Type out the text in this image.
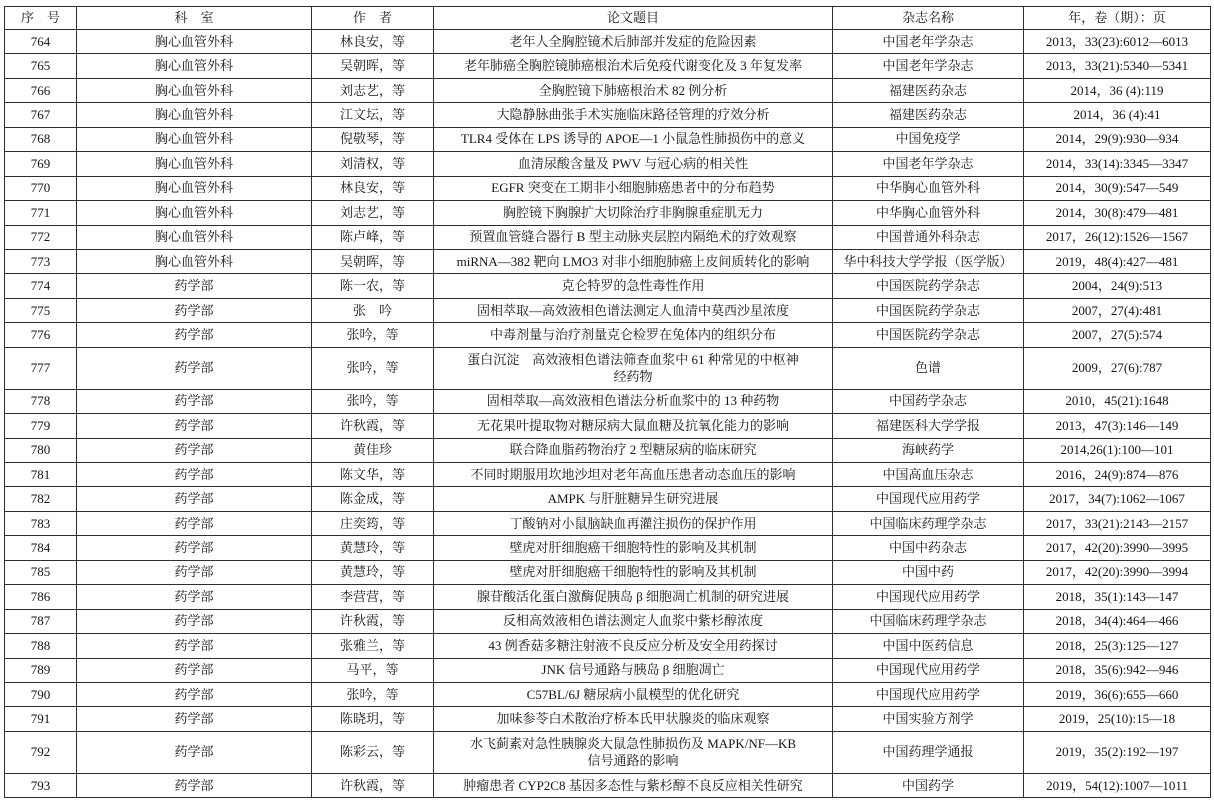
序　号	科　室	作　者	论文题目	杂志名称	年，卷（期）：页
764	胸心血管外科	林良安，等	老年人全胸腔镜术后肺部并发症的危险因素	中国老年学杂志	2013，33(23):6012—6013
765	胸心血管外科	吴朝晖，等	老年肺癌全胸腔镜肺癌根治术后免疫代谢变化及 3 年复发率	中国老年学杂志	2013，33(21):5340—5341
766	胸心血管外科	刘志艺，等	全胸腔镜下肺癌根治术 82 例分析	福建医药杂志	2014，36 (4):119
767	胸心血管外科	江文坛，等	大隐静脉曲张手术实施临床路径管理的疗效分析	福建医药杂志	2014，36 (4):41
768	胸心血管外科	倪敬琴，等	TLR4 受体在 LPS 诱导的 APOE—1 小鼠急性肺损伤中的意义	中国免疫学	2014，29(9):930—934
769	胸心血管外科	刘清权，等	血清尿酸含量及 PWV 与冠心病的相关性	中国老年学杂志	2014，33(14):3345—3347
770	胸心血管外科	林良安，等	EGFR 突变在工期非小细胞肺癌患者中的分布趋势	中华胸心血管外科	2014，30(9):547—549
771	胸心血管外科	刘志艺，等	胸腔镜下胸腺扩大切除治疗非胸腺重症肌无力	中华胸心血管外科	2014，30(8):479—481
772	胸心血管外科	陈卢峰，等	预置血管缝合器行 B 型主动脉夹层腔内隔绝术的疗效观察	中国普通外科杂志	2017，26(12):1526—1567
773	胸心血管外科	吴朝晖，等	miRNA—382 靶向 LMO3 对非小细胞肺癌上皮间质转化的影响	华中科技大学学报（医学版）	2019，48(4):427—481
774	药学部	陈一农，等	克仑特罗的急性毒性作用	中国医院药学杂志	2004，24(9):513
775	药学部	张　吟	固相萃取—高效液相色谱法测定人血清中莫西沙星浓度	中国医院药学杂志	2007，27(4):481
776	药学部	张吟，等	中毒剂量与治疗剂量克仑检罗在兔体内的组织分布	中国医院药学杂志	2007，27(5):574
777	药学部	张吟，等	蛋白沉淀　高效液相色谱法筛查血浆中 61 种常见的中枢神经药物	色谱	2009，27(6):787
778	药学部	张吟，等	固相萃取—高效液相色谱法分析血浆中的 13 种药物	中国药学杂志	2010，45(21):1648
779	药学部	许秋霞，等	无花果叶提取物对糖尿病大鼠血糖及抗氧化能力的影响	福建医科大学学报	2013，47(3):146—149
780	药学部	黄佳珍	联合降血脂药物治疗 2 型糖尿病的临床研究	海峡药学	2014,26(1):100—101
781	药学部	陈文华，等	不同时期服用坎地沙坦对老年高血压患者动态血压的影响	中国高血压杂志	2016，24(9):874—876
782	药学部	陈金成，等	AMPK 与肝脏糖异生研究进展	中国现代应用药学	2017，34(7):1062—1067
783	药学部	庄奕筠，等	丁酸钠对小鼠脑缺血再灌注损伤的保护作用	中国临床药理学杂志	2017，33(21):2143—2157
784	药学部	黄慧玲，等	壁虎对肝细胞癌干细胞特性的影响及其机制	中国中药杂志	2017，42(20):3990—3995
785	药学部	黄慧玲，等	壁虎对肝细胞癌干细胞特性的影响及其机制	中国中药	2017，42(20):3990—3994
786	药学部	李营营，等	腺苷酸活化蛋白激酶促胰岛 β 细胞凋亡机制的研究进展	中国现代应用药学	2018，35(1):143—147
787	药学部	许秋霞，等	反相高效液相色谱法测定人血浆中紫杉醇浓度	中国临床药理学杂志	2018，34(4):464—466
788	药学部	张雅兰，等	43 例香菇多糖注射液不良反应分析及安全用药探讨	中国中医药信息	2018，25(3):125—127
789	药学部	马平，等	JNK 信号通路与胰岛 β 细胞凋亡	中国现代应用药学	2018，35(6):942—946
790	药学部	张吟，等	C57BL/6J 糖尿病小鼠模型的优化研究	中国现代应用药学	2019，36(6):655—660
791	药学部	陈晓玥，等	加味参苓白术散治疗桥本氏甲状腺炎的临床观察	中国实验方剂学	2019，25(10):15—18
792	药学部	陈彩云，等	水飞蓟素对急性胰腺炎大鼠急性肺损伤及 MAPK/NF—KB 信号通路的影响	中国药理学通报	2019，35(2):192—197
793	药学部	许秋霞，等	肿瘤患者 CYP2C8 基因多态性与紫杉醇不良反应相关性研究	中国药学	2019，54(12):1007—1011
